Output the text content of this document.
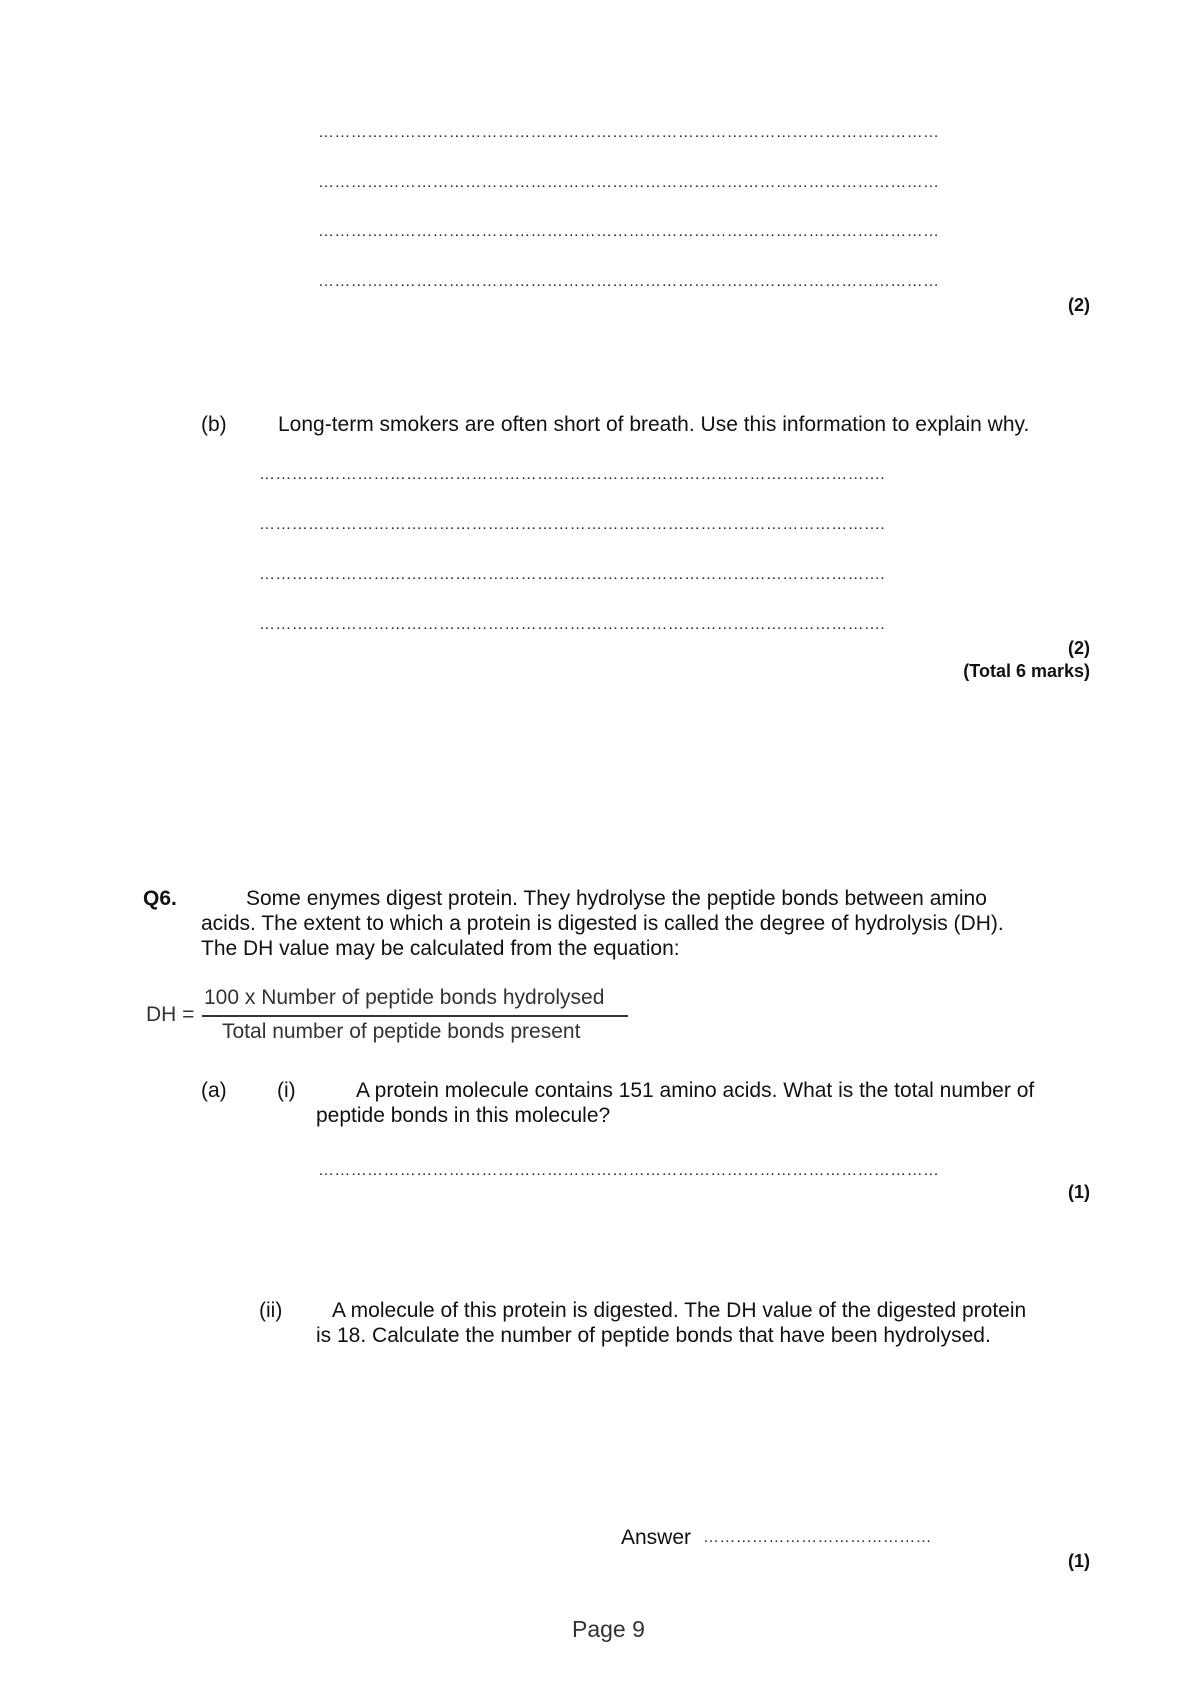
……………………………………………………………………………………………………
……………………………………………………………………………………………………
……………………………………………………………………………………………………
……………………………………………………………………………………………………
(2)
(b) Long-term smokers are often short of breath. Use this information to explain why.
…………………………………………………………………………………………………….
…………………………………………………………………………………………………….
…………………………………………………………………………………………………….
…………………………………………………………………………………………………….
(2)
(Total 6 marks)
Q6.	Some enymes digest protein. They hydrolyse the peptide bonds between amino
acids. The extent to which a protein is digested is called the degree of hydrolysis (DH).
The DH value may be calculated from the equation:
DH =
100 x Number of peptide bonds hydrolysed
Total number of peptide bonds present
(a) (i)	A protein molecule contains 151 amino acids. What is the total number of
peptide bonds in this molecule?
……………………………………………………………………………………………………
(1)
(ii) A molecule of this protein is digested. The DH value of the digested protein
is 18. Calculate the number of peptide bonds that have been hydrolysed.
Answer ……………………………………
(1)
Page 9
